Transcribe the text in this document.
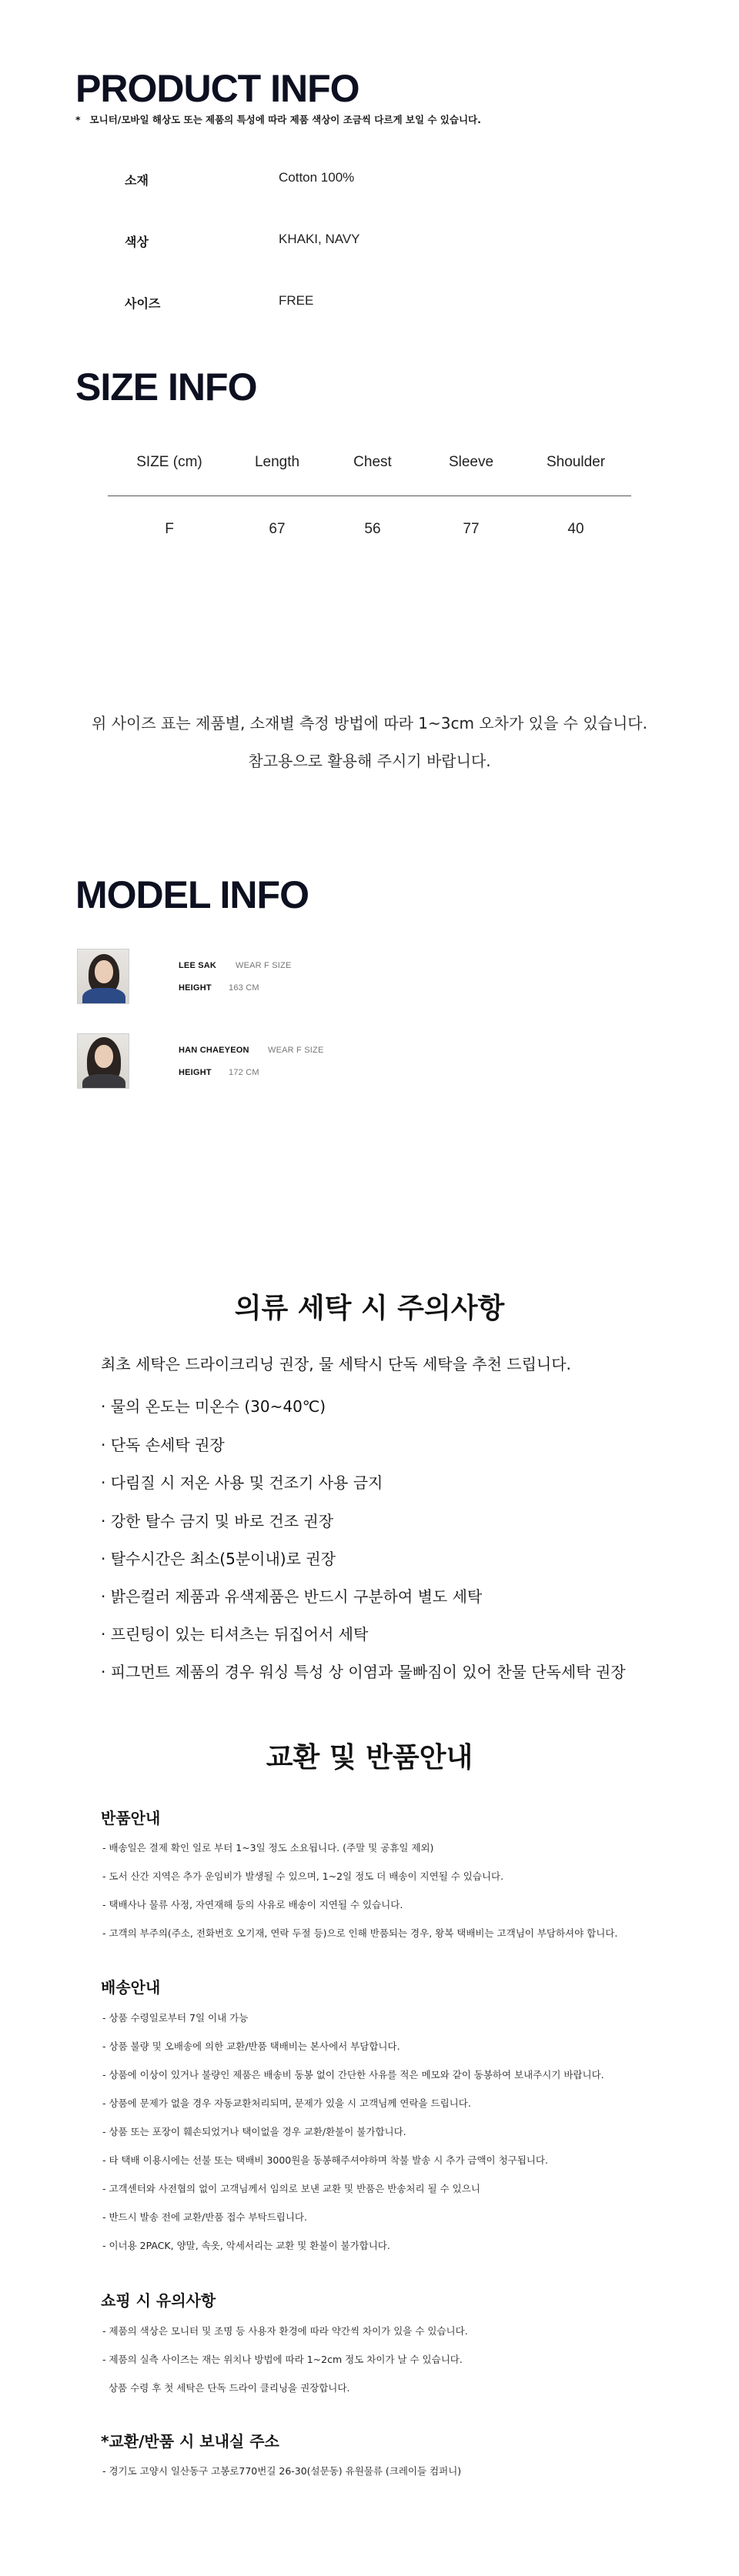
PRODUCT INFO
* 모니터/모바일 해상도 또는 제품의 특성에 따라 제품 색상이 조금씩 다르게 보일 수 있습니다.
소재	Cotton 100%
색상	KHAKI, NAVY
사이즈	FREE
SIZE INFO
SIZE (cm)	Length	Chest	Sleeve	Shoulder
F	67	56	77	40
위 사이즈 표는 제품별, 소재별 측정 방법에 따라 1~3cm 오차가 있을 수 있습니다.
참고용으로 활용해 주시기 바랍니다.
MODEL INFO
LEE SAK WEAR F SIZE
HEIGHT 163 CM
HAN CHAEYEON WEAR F SIZE
HEIGHT 172 CM
의류 세탁 시 주의사항
최초 세탁은 드라이크리닝 권장, 물 세탁시 단독 세탁을 추천 드립니다.
· 물의 온도는 미온수 (30~40℃)
· 단독 손세탁 권장
· 다림질 시 저온 사용 및 건조기 사용 금지
· 강한 탈수 금지 및 바로 건조 권장
· 탈수시간은 최소(5분이내)로 권장
· 밝은컬러 제품과 유색제품은 반드시 구분하여 별도 세탁
· 프린팅이 있는 티셔츠는 뒤집어서 세탁
· 피그먼트 제품의 경우 워싱 특성 상 이염과 물빠짐이 있어 찬물 단독세탁 권장
교환 및 반품안내
반품안내
- 배송일은 결제 확인 일로 부터 1~3일 정도 소요됩니다. (주말 및 공휴일 제외)
- 도서 산간 지역은 추가 운임비가 발생될 수 있으며, 1~2일 정도 더 배송이 지연될 수 있습니다.
- 택배사나 물류 사정, 자연재해 등의 사유로 배송이 지연될 수 있습니다.
- 고객의 부주의(주소, 전화번호 오기재, 연락 두절 등)으로 인해 반품되는 경우, 왕복 택배비는 고객님이 부담하셔야 합니다.
배송안내
- 상품 수령일로부터 7일 이내 가능
- 상품 불량 및 오배송에 의한 교환/반품 택배비는 본사에서 부담합니다.
- 상품에 이상이 있거나 불량인 제품은 배송비 동봉 없이 간단한 사유를 적은 메모와 같이 동봉하여 보내주시기 바랍니다.
- 상품에 문제가 없을 경우 자동교환처리되며, 문제가 있을 시 고객님께 연락을 드립니다.
- 상품 또는 포장이 훼손되었거나 택이없을 경우 교환/환불이 불가합니다.
- 타 택배 이용시에는 선불 또는 택배비 3000원을 동봉해주셔야하며 착불 발송 시 추가 금액이 청구됩니다.
- 고객센터와 사전협의 없이 고객님께서 임의로 보낸 교환 및 반품은 반송처리 될 수 있으니
- 반드시 발송 전에 교환/반품 접수 부탁드립니다.
- 이너용 2PACK, 양말, 속옷, 악세서리는 교환 및 환불이 불가합니다.
쇼핑 시 유의사항
- 제품의 색상은 모니터 및 조명 등 사용자 환경에 따라 약간씩 차이가 있을 수 있습니다.
- 제품의 실측 사이즈는 재는 위치나 방법에 따라 1~2cm 정도 차이가 날 수 있습니다.
상품 수령 후 첫 세탁은 단독 드라이 클리닝을 권장합니다.
*교환/반품 시 보내실 주소
- 경기도 고양시 일산동구 고봉로770번길 26-30(설문동) 유원물류 (크레이들 컴퍼니)
